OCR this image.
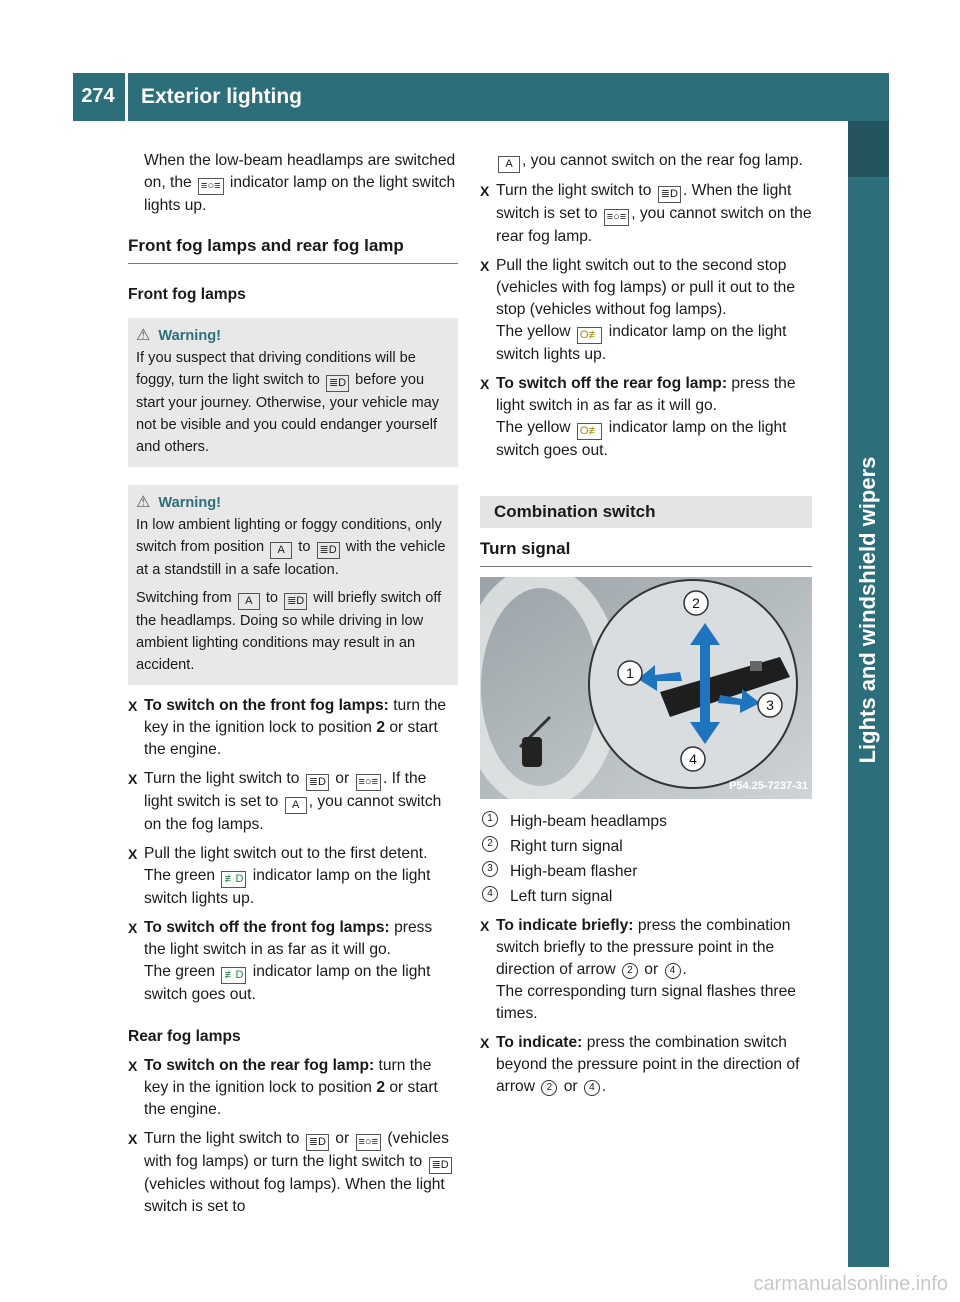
274	Exterior lighting
Lights and windshield wipers

When the low-beam headlamps are switched on, the ≡○≡ indicator lamp on the light switch lights up.

Front fog lamps and rear fog lamp

Front fog lamps

⚠ Warning!

If you suspect that driving conditions will be foggy, turn the light switch to ≣D before you start your journey. Otherwise, your vehicle may not be visible and you could endanger yourself and others.

⚠ Warning!

In low ambient lighting or foggy conditions, only switch from position A to ≣D with the vehicle at a standstill in a safe location.

Switching from A to ≣D will briefly switch off the headlamps. Doing so while driving in low ambient lighting conditions may result in an accident.

X To switch on the front fog lamps: turn the key in the ignition lock to position 2 or start the engine.
X Turn the light switch to ≣D or ≡○≡ . If the light switch is set to A , you cannot switch on the fog lamps.
X Pull the light switch out to the first detent.
The green ≢D indicator lamp on the light switch lights up.
X To switch off the front fog lamps: press the light switch in as far as it will go.
The green ≢D indicator lamp on the light switch goes out.

Rear fog lamps

X To switch on the rear fog lamp: turn the key in the ignition lock to position 2 or start the engine.
X Turn the light switch to ≣D or ≡○≡ (vehicles with fog lamps) or turn the light switch to ≣D (vehicles without fog lamps). When the light switch is set to

A , you cannot switch on the rear fog lamp.

X Turn the light switch to ≣D . When the light switch is set to ≡○≡ , you cannot switch on the rear fog lamp.
X Pull the light switch out to the second stop (vehicles with fog lamps) or pull it out to the stop (vehicles without fog lamps).
The yellow O≢ indicator lamp on the light switch lights up.
X To switch off the rear fog lamp: press the light switch in as far as it will go.
The yellow O≢ indicator lamp on the light switch goes out.
Combination switch

Turn signal

2
1
3
4
P54.25-7237-31
1	High-beam headlamps
2	Right turn signal
3	High-beam flasher
4	Left turn signal
X To indicate briefly: press the combination switch briefly to the pressure point in the direction of arrow 2 or 4 .
The corresponding turn signal flashes three times.
X To indicate: press the combination switch beyond the pressure point in the direction of arrow 2 or 4 .
carmanualsonline.info
